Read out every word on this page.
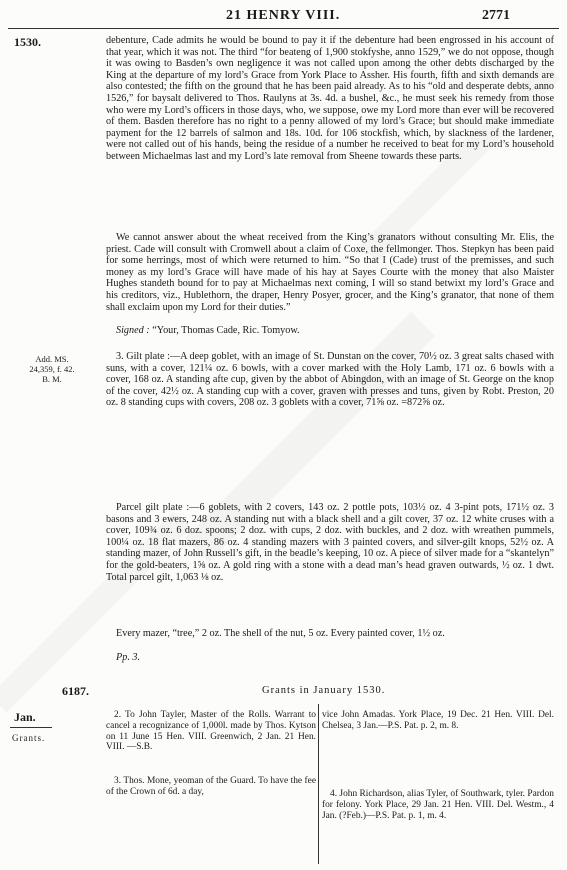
21 HENRY VIII.	2771
1530.	debenture, Cade admits he would be bound to pay it if the debenture had been engrossed in his account of that year, which it was not. The third “for beateng of 1,900 stokfyshe, anno 1529,” we do not oppose, though it was owing to Basden’s own negligence it was not called upon among the other debts discharged by the King at the departure of my lord’s Grace from York Place to Assher. His fourth, fifth and sixth demands are also contested; the fifth on the ground that he has been paid already. As to his “old and desperate debts, anno 1526,” for baysalt delivered to Thos. Raulyns at 3s. 4d. a bushel, &c., he must seek his remedy from those who were my Lord’s officers in those days, who, we suppose, owe my Lord more than ever will be recovered of them. Basden therefore has no right to a penny allowed of my lord’s Grace; but should make immediate payment for the 12 barrels of salmon and 18s. 10d. for 106 stockfish, which, by slackness of the lardener, were not called out of his hands, being the residue of a number he received to beat for my Lord’s household between Michaelmas last and my Lord’s late removal from Sheene towards these parts.
We cannot answer about the wheat received from the King’s granators without consulting Mr. Elis, the priest. Cade will consult with Cromwell about a claim of Coxe, the fellmonger. Thos. Stepkyn has been paid for some herrings, most of which were returned to him. “So that I (Cade) trust of the premisses, and such money as my lord’s Grace will have made of his hay at Sayes Courte with the money that also Maister Hughes standeth bound for to pay at Michaelmas next coming, I will so stand betwixt my lord’s Grace and his creditors, viz., Hublethorn, the draper, Henry Posyer, grocer, and the King’s granator, that none of them shall exclaim upon my Lord for their duties.”
Signed : “Your, Thomas Cade, Ric. Tomyow.
Add. MS.
24,359, f. 42.
B. M.
3. Gilt plate :—A deep goblet, with an image of St. Dunstan on the cover, 70½ oz. 3 great salts chased with suns, with a cover, 121¼ oz. 6 bowls, with a cover marked with the Holy Lamb, 171 oz. 6 bowls with a cover, 168 oz. A standing afte cup, given by the abbot of Abingdon, with an image of St. George on the knop of the cover, 42½ oz. A standing cup with a cover, graven with presses and tuns, given by Robt. Preston, 20 oz. 8 standing cups with covers, 208 oz. 3 goblets with a cover, 71⅝ oz. =872⅝ oz.
Parcel gilt plate :—6 goblets, with 2 covers, 143 oz. 2 pottle pots, 103½ oz. 4 3-pint pots, 171½ oz. 3 basons and 3 ewers, 248 oz. A standing nut with a black shell and a gilt cover, 37 oz. 12 white cruses with a cover, 109¾ oz. 6 doz. spoons; 2 doz. with cups, 2 doz. with buckles, and 2 doz. with wreathen pummels, 100¼ oz. 18 flat mazers, 86 oz. 4 standing mazers with 3 painted covers, and silver-gilt knops, 52½ oz. A standing mazer, of John Russell’s gift, in the beadle’s keeping, 10 oz. A piece of silver made for a “skantelyn” for the gold-beaters, 1⅝ oz. A gold ring with a stone with a dead man’s head graven outwards, ½ oz. 1 dwt. Total parcel gilt, 1,063 ⅛ oz.
Every mazer, “tree,” 2 oz. The shell of the nut, 5 oz. Every painted cover, 1½ oz.
Pp. 3.
6187.	Grants in January 1530.
Jan.
Grants.
2. To John Tayler, Master of the Rolls. Warrant to cancel a recognizance of 1,000l. made by Thos. Kytson on 11 June 15 Hen. VIII. Greenwich, 2 Jan. 21 Hen. VIII. —S.B.
3. Thos. Mone, yeoman of the Guard. To have the fee of the Crown of 6d. a day,
vice John Amadas. York Place, 19 Dec. 21 Hen. VIII. Del. Chelsea, 3 Jan.—P.S. Pat. p. 2, m. 8.
4. John Richardson, alias Tyler, of Southwark, tyler. Pardon for felony. York Place, 29 Jan. 21 Hen. VIII. Del. Westm., 4 Jan. (?Feb.)—P.S. Pat. p. 1, m. 4.
